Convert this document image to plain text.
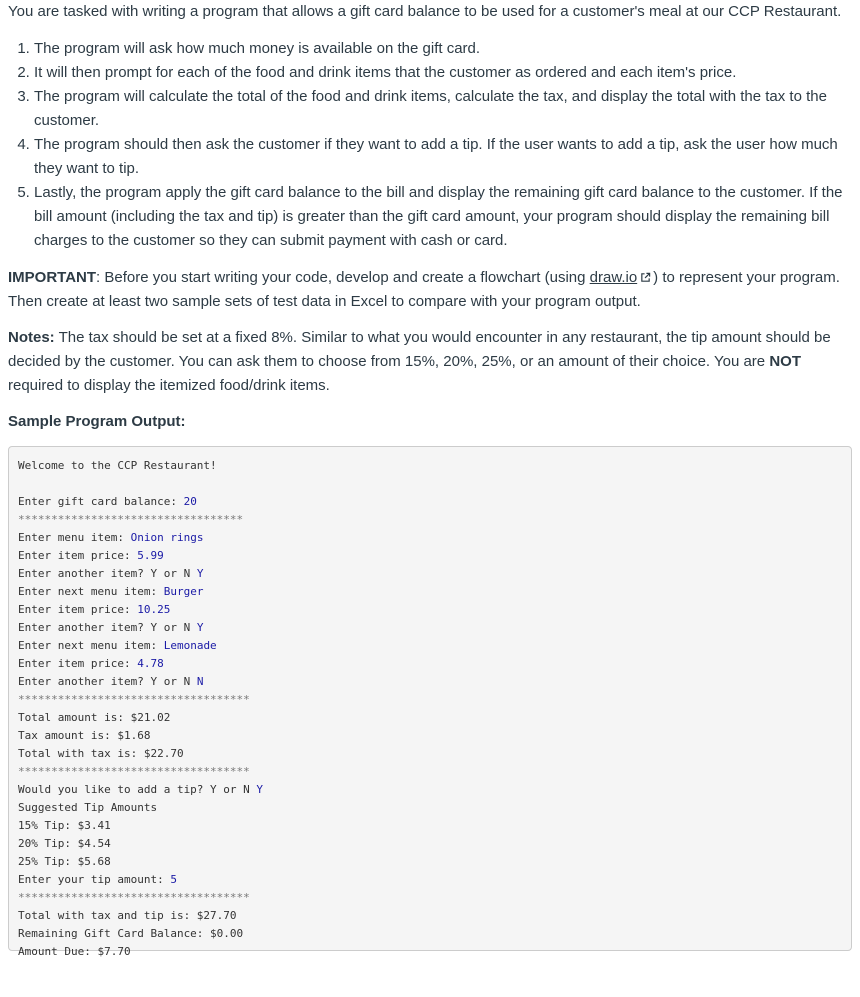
You are tasked with writing a program that allows a gift card balance to be used for a customer's meal at our CCP Restaurant.

1. The program will ask how much money is available on the gift card.
2. It will then prompt for each of the food and drink items that the customer as ordered and each item's price.
3. The program will calculate the total of the food and drink items, calculate the tax, and display the total with the tax to the customer.
4. The program should then ask the customer if they want to add a tip. If the user wants to add a tip, ask the user how much they want to tip.
5. Lastly, the program apply the gift card balance to the bill and display the remaining gift card balance to the customer. If the bill amount (including the tax and tip) is greater than the gift card amount, your program should display the remaining bill charges to the customer so they can submit payment with cash or card.

IMPORTANT: Before you start writing your code, develop and create a flowchart (using draw.io ) to represent your program. Then create at least two sample sets of test data in Excel to compare with your program output.

Notes: The tax should be set at a fixed 8%. Similar to what you would encounter in any restaurant, the tip amount should be decided by the customer. You can ask them to choose from 15%, 20%, 25%, or an amount of their choice. You are NOT required to display the itemized food/drink items.

Sample Program Output:

Welcome to the CCP Restaurant!
Enter gift card balance: 20
**********************************
Enter menu item: Onion rings
Enter item price: 5.99
Enter another item? Y or N Y
Enter next menu item: Burger
Enter item price: 10.25
Enter another item? Y or N Y
Enter next menu item: Lemonade
Enter item price: 4.78
Enter another item? Y or N N
***********************************
Total amount is: $21.02
Tax amount is: $1.68
Total with tax is: $22.70
***********************************
Would you like to add a tip? Y or N Y
Suggested Tip Amounts
15% Tip: $3.41
20% Tip: $4.54
25% Tip: $5.68
Enter your tip amount: 5
***********************************
Total with tax and tip is: $27.70
Remaining Gift Card Balance: $0.00
Amount Due: $7.70
